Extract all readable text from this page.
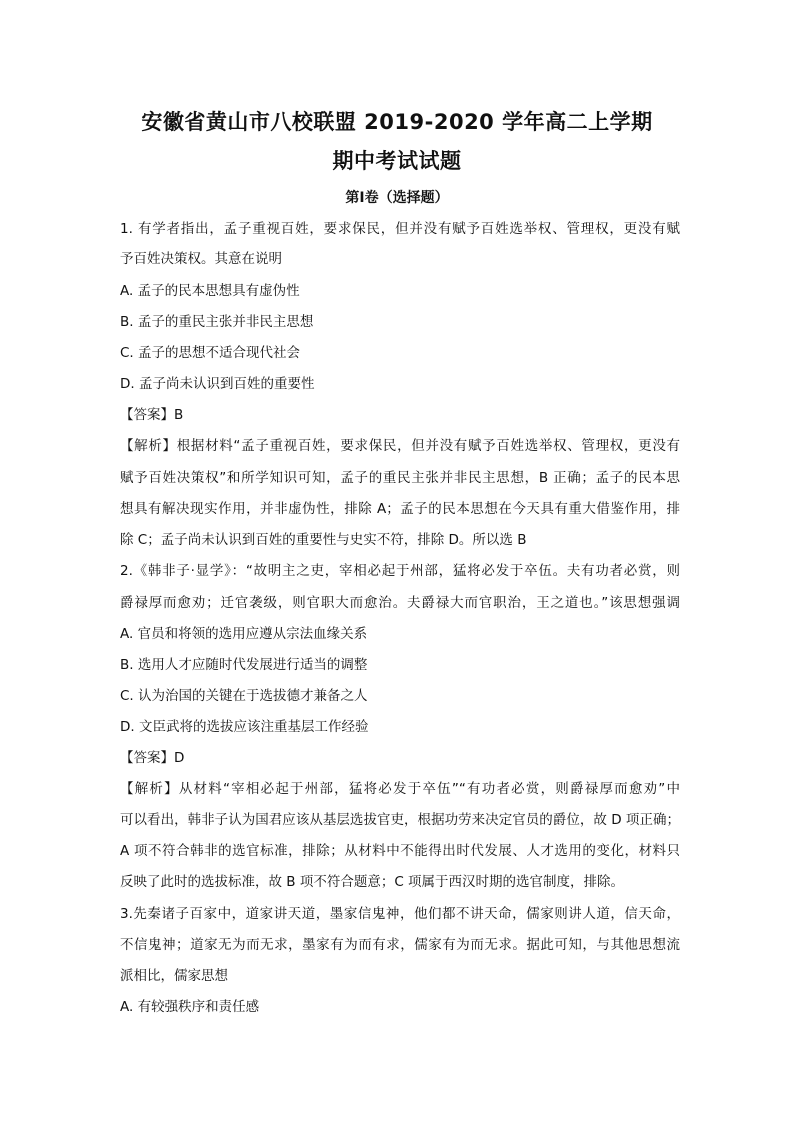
安徽省黄山市八校联盟 2019-2020 学年高二上学期
期中考试试题
第Ⅰ卷（选择题）
1. 有学者指出，孟子重视百姓，要求保民，但并没有赋予百姓选举权、管理权，更没有赋
予百姓决策权。其意在说明
A. 孟子的民本思想具有虚伪性
B. 孟子的重民主张并非民主思想
C. 孟子的思想不适合现代社会
D. 孟子尚未认识到百姓的重要性
【答案】B
【解析】根据材料“孟子重视百姓，要求保民，但并没有赋予百姓选举权、管理权，更没有
赋予百姓决策权”和所学知识可知，孟子的重民主张并非民主思想，B 正确；孟子的民本思
想具有解决现实作用，并非虚伪性，排除 A；孟子的民本思想在今天具有重大借鉴作用，排
除 C；孟子尚未认识到百姓的重要性与史实不符，排除 D。所以选 B
2.《韩非子·显学》：“故明主之吏，宰相必起于州部，猛将必发于卒伍。夫有功者必赏，则
爵禄厚而愈劝；迁官袭级，则官职大而愈治。夫爵禄大而官职治，王之道也。”该思想强调
A. 官员和将领的选用应遵从宗法血缘关系
B. 选用人才应随时代发展进行适当的调整
C. 认为治国的关键在于选拔德才兼备之人
D. 文臣武将的选拔应该注重基层工作经验
【答案】D
【解析】从材料“宰相必起于州部，猛将必发于卒伍”“有功者必赏，则爵禄厚而愈劝”中
可以看出，韩非子认为国君应该从基层选拔官吏，根据功劳来决定官员的爵位，故 D 项正确；
A 项不符合韩非的选官标准，排除；从材料中不能得出时代发展、人才选用的变化，材料只
反映了此时的选拔标准，故 B 项不符合题意；C 项属于西汉时期的选官制度，排除。
3.先秦诸子百家中，道家讲天道，墨家信鬼神，他们都不讲天命，儒家则讲人道，信天命，
不信鬼神；道家无为而无求，墨家有为而有求，儒家有为而无求。据此可知，与其他思想流
派相比，儒家思想
A. 有较强秩序和责任感
